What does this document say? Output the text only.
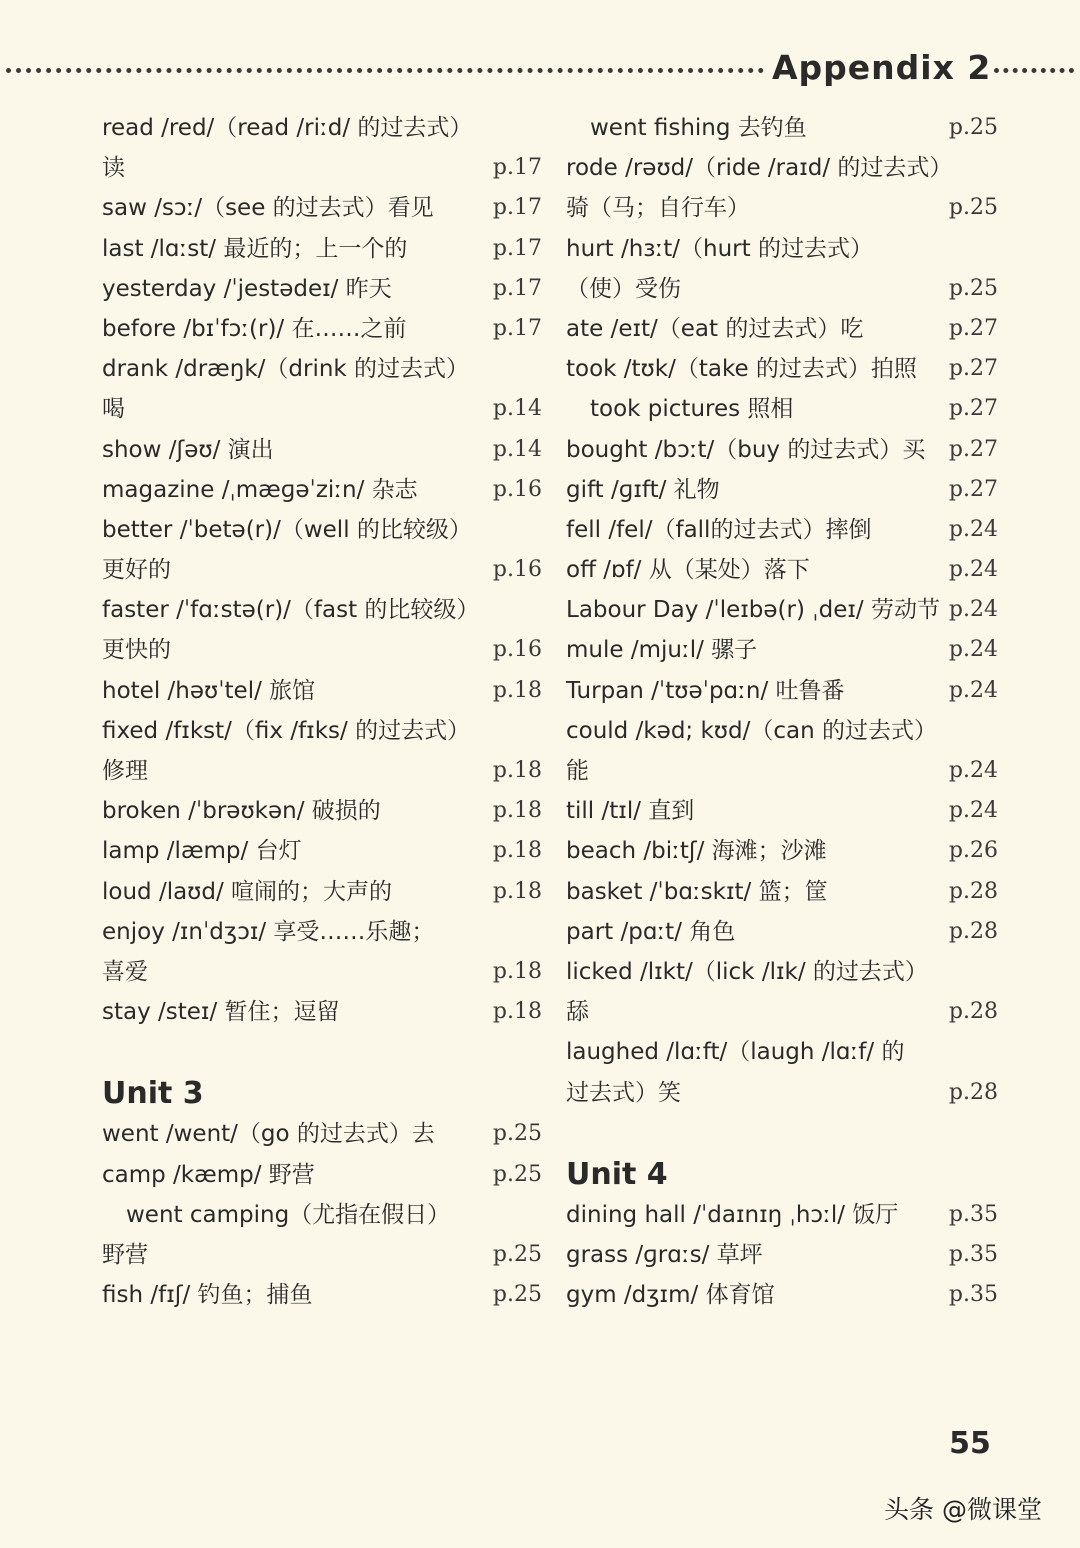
Appendix 2
read /red/（read /riːd/ 的过去式）
读	p.17
saw /sɔː/（see 的过去式）看见	p.17
last /lɑːst/ 最近的；上一个的	p.17
yesterday /ˈjestədeɪ/ 昨天	p.17
before /bɪˈfɔː(r)/ 在……之前	p.17
drank /dræŋk/（drink 的过去式）
喝	p.14
show /ʃəʊ/ 演出	p.14
magazine /ˌmæɡəˈziːn/ 杂志	p.16
better /ˈbetə(r)/（well 的比较级）
更好的	p.16
faster /ˈfɑːstə(r)/（fast 的比较级）
更快的	p.16
hotel /həʊˈtel/ 旅馆	p.18
fixed /fɪkst/（fix /fɪks/ 的过去式）
修理	p.18
broken /ˈbrəʊkən/ 破损的	p.18
lamp /læmp/ 台灯	p.18
loud /laʊd/ 喧闹的；大声的	p.18
enjoy /ɪnˈdʒɔɪ/ 享受……乐趣；
喜爱	p.18
stay /steɪ/ 暂住；逗留	p.18
Unit 3
went /went/（go 的过去式）去	p.25
camp /kæmp/ 野营	p.25
went camping（尤指在假日）
野营	p.25
fish /fɪʃ/ 钓鱼；捕鱼	p.25
went fishing 去钓鱼	p.25
rode /rəʊd/（ride /raɪd/ 的过去式）
骑（马；自行车）	p.25
hurt /hɜːt/（hurt 的过去式）
（使）受伤	p.25
ate /eɪt/（eat 的过去式）吃	p.27
took /tʊk/（take 的过去式）拍照 p.27
took pictures 照相	p.27
bought /bɔːt/（buy 的过去式）买 p.27
gift /ɡɪft/ 礼物	p.27
fell /fel/（fall的过去式）摔倒	p.24
off /ɒf/ 从（某处）落下	p.24
Labour Day /ˈleɪbə(r) ˌdeɪ/ 劳动节 p.24
mule /mjuːl/ 骡子	p.24
Turpan /ˈtʊəˈpɑːn/ 吐鲁番	p.24
could /kəd; kʊd/（can 的过去式）
能	p.24
till /tɪl/ 直到	p.24
beach /biːtʃ/ 海滩；沙滩	p.26
basket /ˈbɑːskɪt/ 篮；筐	p.28
part /pɑːt/ 角色	p.28
licked /lɪkt/（lick /lɪk/ 的过去式）
舔	p.28
laughed /lɑːft/（laugh /lɑːf/ 的
过去式）笑	p.28
Unit 4
dining hall /ˈdaɪnɪŋ ˌhɔːl/ 饭厅 p.35
grass /ɡrɑːs/ 草坪	p.35
gym /dʒɪm/ 体育馆	p.35
55
头条 @微课堂
